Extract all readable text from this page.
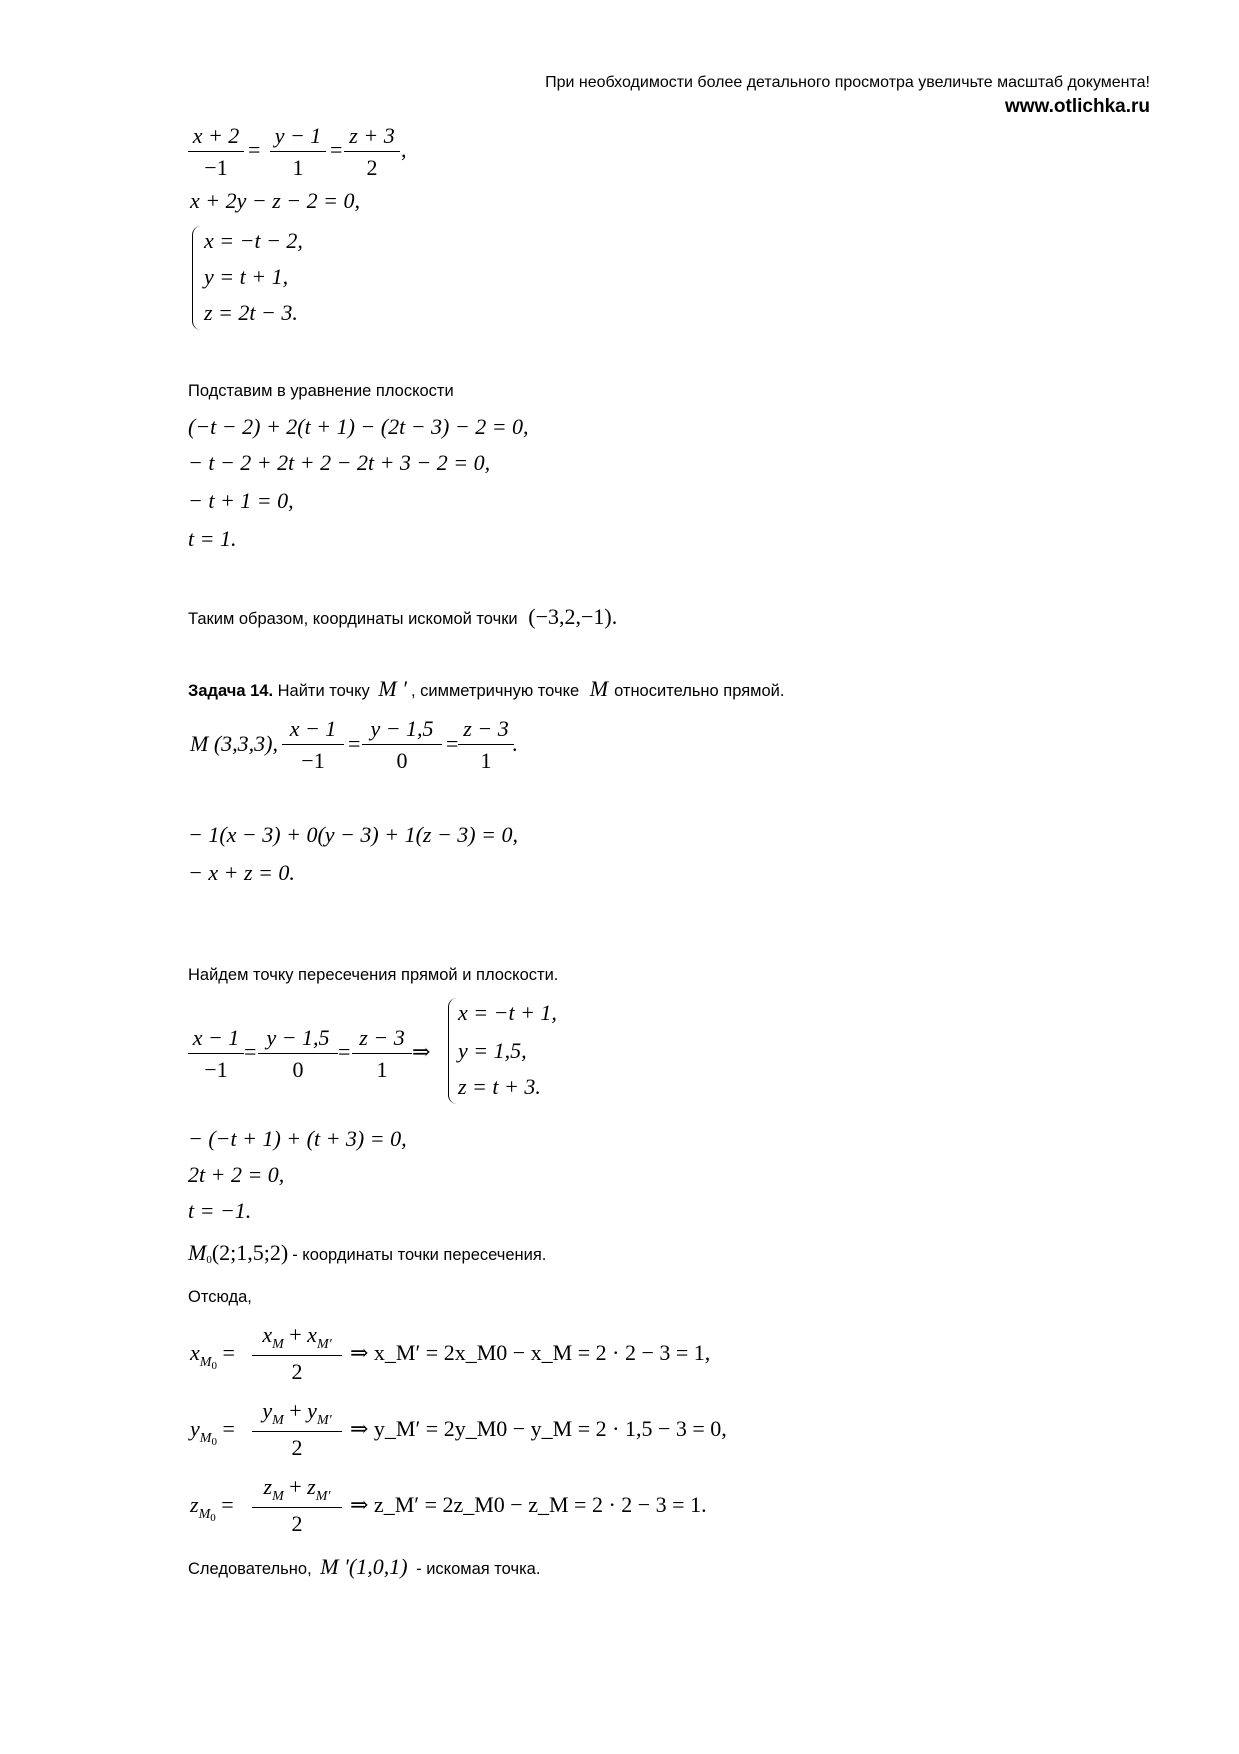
При необходимости более детального просмотра увеличьте масштаб документа!
www.otlichka.ru
$\frac{x + 2}{-1} = \frac{y - 1}{1} = \frac{z + 3}{2}$ ,
x + 2y − z − 2 = 0,
x = −t − 2,
y = t + 1,
z = 2t − 3.
Подставим в уравнение плоскости
(−t − 2) + 2(t + 1) − (2t − 3) − 2 = 0,
− t − 2 + 2t + 2 − 2t + 3 − 2 = 0,
− t + 1 = 0,
t = 1.
Таким образом, координаты искомой точки (−3,2,−1).
Задача 14. Найти точку M ′ , симметричную точке M относительно прямой.
M (3,3,3), $\frac{x - 1}{-1} = \frac{y - 1,5}{0} = \frac{z - 3}{1}$
.
− 1(x − 3) + 0(y − 3) + 1(z − 3) = 0,
− x + z = 0.
Найдем точку пересечения прямой и плоскости.
$\frac{x - 1}{-1} = \frac{y - 1,5}{0} = \frac{z - 3}{1}$ ⇒
x = −t + 1,
y = 1,5,
z = t + 3.
− (−t + 1) + (t + 3) = 0,
2t + 2 = 0,
t = −1.
$M_0(2;1,5;2)$ - координаты точки пересечения.
Отсюда,
$x_{M_0} = \frac{x_M + x_{M'}}{2}$ ⇒ x_M′ = 2x_M0 − x_M = 2 · 2 − 3 = 1,
$y_{M_0} = \frac{y_M + y_{M'}}{2}$ ⇒ y_M′ = 2y_M0 − y_M = 2 · 1,5 − 3 = 0,
$z_{M_0} = \frac{z_M + z_{M'}}{2}$ ⇒ z_M′ = 2z_M0 − z_M = 2 · 2 − 3 = 1.
Следовательно, M ′(1,0,1) - искомая точка.
